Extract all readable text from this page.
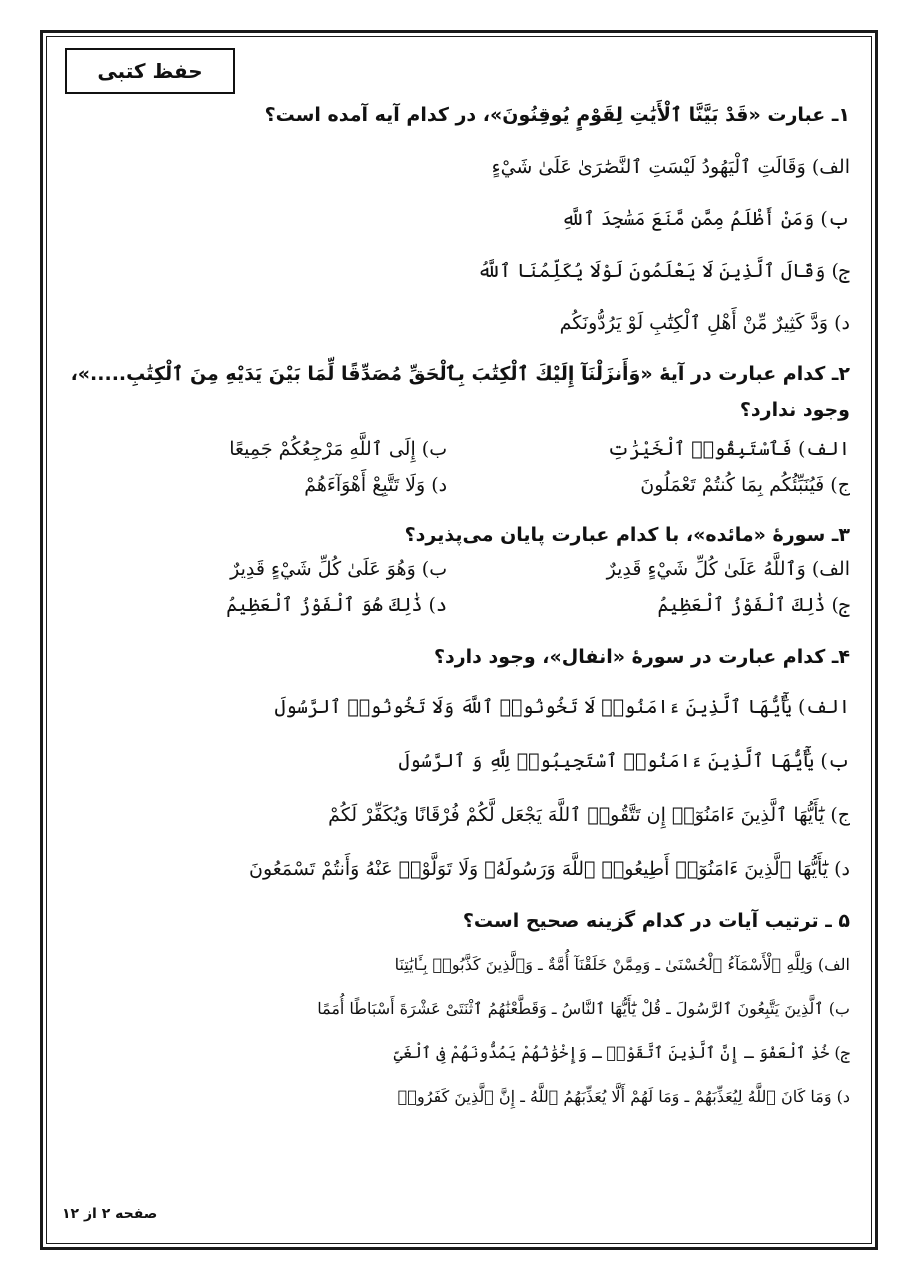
حفظ کتبی

۱ـ عبارت «قَدْ بَيَّنَّا ٱلْأَيَٰتِ لِقَوْمٍ يُوقِنُونَ»، در کدام آیه آمده است؟

الف) وَقَالَتِ ٱلْيَهُودُ لَيْسَتِ ٱلنَّصَٰرَىٰ عَلَىٰ شَيْءٍ

ب) وَمَنْ أَظْلَمُ مِمَّن مَّنَعَ مَسَٰجِدَ ٱللَّهِ

ج) وَقَالَ ٱلَّذِينَ لَا يَعْلَمُونَ لَوْلَا يُكَلِّمُنَا ٱللَّهُ

د) وَدَّ كَثِيرٌ مِّنْ أَهْلِ ٱلْكِتَٰبِ لَوْ يَرُدُّونَكُم

۲ـ کدام عبارت در آیهٔ «وَأَنزَلْنَآ إِلَيْكَ ٱلْكِتَٰبَ بِٱلْحَقِّ مُصَدِّقًا لِّمَا بَيْنَ يَدَيْهِ مِنَ ٱلْكِتَٰبِ.....»، وجود ندارد؟

الف) فَٱسْتَبِقُوا۟ ٱلْخَيْرَٰتِ

ب) إِلَى ٱللَّهِ مَرْجِعُكُمْ جَمِيعًا

ج) فَيُنَبِّئُكُم بِمَا كُنتُمْ تَعْمَلُونَ

د) وَلَا تَتَّبِعْ أَهْوَآءَهُمْ

۳ـ سورهٔ «مائده»، با کدام عبارت پایان می‌پذیرد؟

الف) وَٱللَّهُ عَلَىٰ كُلِّ شَيْءٍ قَدِيرٌ

ب) وَهُوَ عَلَىٰ كُلِّ شَيْءٍ قَدِيرٌ

ج) ذَٰلِكَ ٱلْفَوْزُ ٱلْعَظِيمُ

د) ذَٰلِكَ هُوَ ٱلْفَوْزُ ٱلْعَظِيمُ

۴ـ کدام عبارت در سورهٔ «انفال»، وجود دارد؟

الف) يَٰٓأَيُّهَا ٱلَّذِينَ ءَامَنُوا۟ لَا تَخُونُوا۟ ٱللَّهَ وَلَا تَخُونُوا۟ ٱلرَّسُولَ

ب) يَٰٓأَيُّهَا ٱلَّذِينَ ءَامَنُوا۟ ٱسْتَجِيبُوا۟ لِلَّهِ وَ ٱلرَّسُولَ

ج) يَٰٓأَيُّهَا ٱلَّذِينَ ءَامَنُوٓا۟ إِن تَتَّقُوا۟ ٱللَّهَ يَجْعَل لَّكُمْ فُرْقَانًا وَيُكَفِّرْ لَكُمْ

د) يَٰٓأَيُّهَا ٱلَّذِينَ ءَامَنُوٓا۟ أَطِيعُوا۟ ٱللَّهَ وَرَسُولَهُۥ وَلَا تَوَلَّوْا۟ عَنْهُ وَأَنتُمْ تَسْمَعُونَ

۵ ـ ترتیب آیات در کدام گزینه صحیح است؟

الف) وَلِلَّهِ ٱلْأَسْمَآءُ ٱلْحُسْنَىٰ ـ وَمِمَّنْ خَلَقْنَآ أُمَّةٌ ـ وَٱلَّذِينَ كَذَّبُوا۟ بِـَٔايَٰتِنَا

ب) ٱلَّذِينَ يَتَّبِعُونَ ٱلرَّسُولَ ـ قُلْ يَٰٓأَيُّهَا ٱلنَّاسُ ـ وَقَطَّعْنَٰهُمُ ٱثْنَتَىْ عَشْرَةَ أَسْبَاطًا أُمَمًا

ج) خُذِ ٱلْعَفْوَ ـ إِنَّ ٱلَّذِينَ ٱتَّقَوْا۟ ـ وَإِخْوَٰنُهُمْ يَمُدُّونَهُمْ فِى ٱلْغَىِّ

د) وَمَا كَانَ ٱللَّهُ لِيُعَذِّبَهُمْ ـ وَمَا لَهُمْ أَلَّا يُعَذِّبَهُمُ ٱللَّهُ ـ إِنَّ ٱلَّذِينَ كَفَرُوا۟

صفحه ۲ از ۱۲
